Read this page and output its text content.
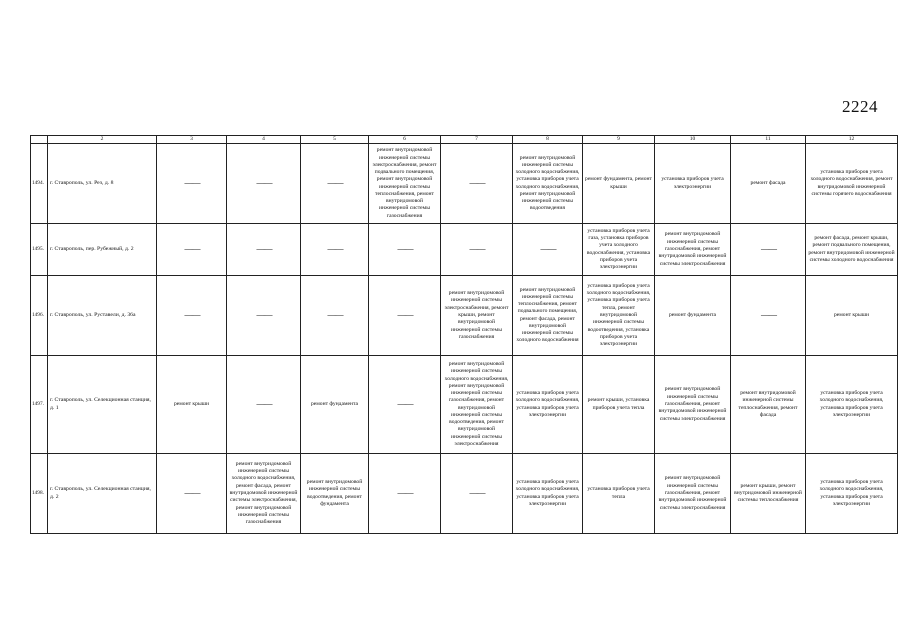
2224
	2	3	4	5	6	7	8	9	10	11	12
1494.	г. Ставрополь, ул. Рез, д. 8	——	——	——	ремонт внутридомовой инженерной системы электроснабжения, ремонт подвального помещения, ремонт внутридомовой инженерной системы теплоснабжения, ремонт внутридомовой инженерной системы газоснабжения	——	ремонт внутридомовой инженерной системы холодного водоснабжения, установка приборов учета холодного водоснабжения, ремонт внутридомовой инженерной системы водоотведения	ремонт фундамента, ремонт крыши	установка приборов учета электроэнергии	ремонт фасада	установка приборов учета холодного водоснабжения, ремонт внутридомовой инженерной системы горячего водоснабжения
1495.	г. Ставрополь, пер. Рубежный, д. 2	——	——	——	——	——	——	установка приборов учета газа, установка приборов учета холодного водоснабжения, установка приборов учета электроэнергии	ремонт внутридомовой инженерной системы газоснабжения, ремонт внутридомовой инженерной системы электроснабжения	——	ремонт фасада, ремонт крыши, ремонт подвального помещения, ремонт внутридомовой инженерной системы холодного водоснабжения
1496.	г. Ставрополь, ул. Руставели, д. 36а	——	——	——	——	ремонт внутридомовой инженерной системы электроснабжения, ремонт крыши, ремонт внутридомовой инженерной системы газоснабжения	ремонт внутридомовой инженерной системы теплоснабжения, ремонт подвального помещения, ремонт фасада, ремонт внутридомовой инженерной системы холодного водоснабжения	установка приборов учета холодного водоснабжения, установка приборов учета тепла, ремонт внутридомовой инженерной системы водоотведения, установка приборов учета электроэнергии	ремонт фундамента	——	ремонт крыши
1497.	г. Ставрополь, ул. Селекционная станция, д. 1	ремонт крыши	——	ремонт фундамента	——	ремонт внутридомовой инженерной системы холодного водоснабжения, ремонт внутридомовой инженерной системы газоснабжения, ремонт внутридомовой инженерной системы водоотведения, ремонт внутридомовой инженерной системы электроснабжения	установка приборов учета холодного водоснабжения, установка приборов учета электроэнергии	ремонт крыши, установка приборов учета тепла	ремонт внутридомовой инженерной системы газоснабжения, ремонт внутридомовой инженерной системы электроснабжения	ремонт внутридомовой инженерной системы теплоснабжения, ремонт фасада	установка приборов учета холодного водоснабжения, установка приборов учета электроэнергии
1498.	г. Ставрополь, ул. Селекционная станция, д. 2	——	ремонт внутридомовой инженерной системы холодного водоснабжения, ремонт фасада, ремонт внутридомовой инженерной системы электроснабжения, ремонт внутридомовой инженерной системы газоснабжения	ремонт внутридомовой инженерной системы водоотведения, ремонт фундамента	——	——	установка приборов учета холодного водоснабжения, установка приборов учета электроэнергии	установка приборов учета тепла	ремонт внутридомовой инженерной системы газоснабжения, ремонт внутридомовой инженерной системы электроснабжения	ремонт крыши, ремонт внутридомовой инженерной системы теплоснабжения	установка приборов учета холодного водоснабжения, установка приборов учета электроэнергии
